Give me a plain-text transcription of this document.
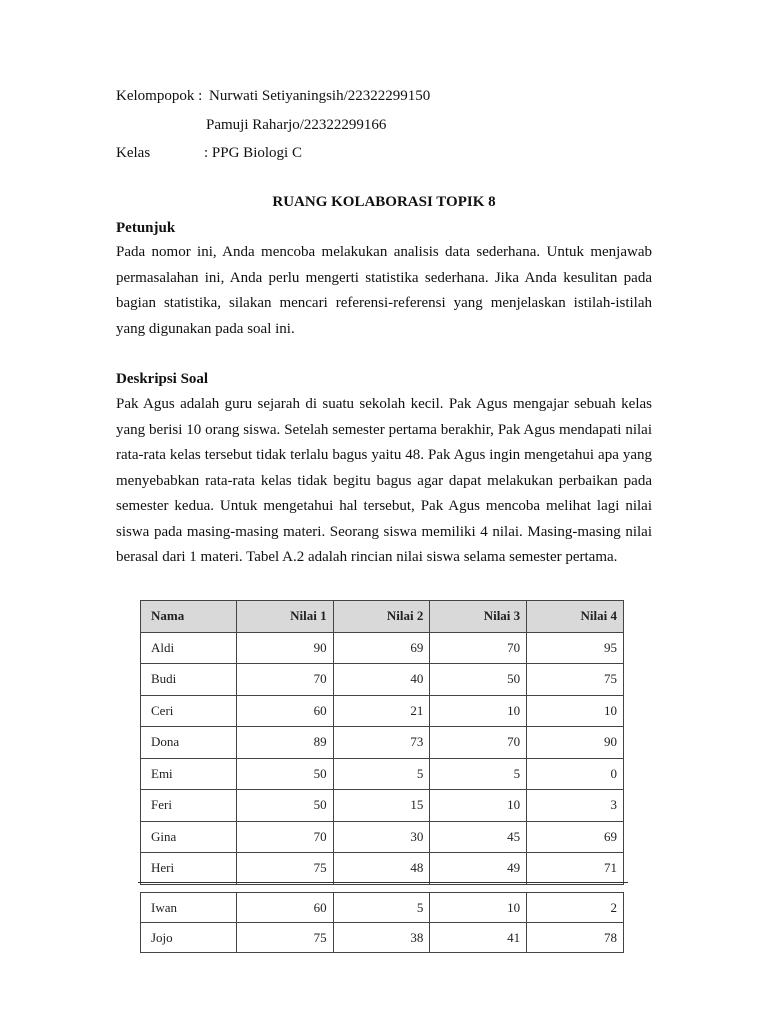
Kelompopok : Nurwati Setiyaningsih/22322299150
Pamuji Raharjo/22322299166
Kelas	: PPG Biologi C
RUANG KOLABORASI TOPIK 8
Petunjuk

Pada nomor ini, Anda mencoba melakukan analisis data sederhana. Untuk menjawab permasalahan ini, Anda perlu mengerti statistika sederhana. Jika Anda kesulitan pada bagian statistika, silakan mencari referensi-referensi yang menjelaskan istilah-istilah yang digunakan pada soal ini.

Deskripsi Soal

Pak Agus adalah guru sejarah di suatu sekolah kecil. Pak Agus mengajar sebuah kelas yang berisi 10 orang siswa. Setelah semester pertama berakhir, Pak Agus mendapati nilai rata-rata kelas tersebut tidak terlalu bagus yaitu 48. Pak Agus ingin mengetahui apa yang menyebabkan rata-rata kelas tidak begitu bagus agar dapat melakukan perbaikan pada semester kedua. Untuk mengetahui hal tersebut, Pak Agus mencoba melihat lagi nilai siswa pada masing-masing materi. Seorang siswa memiliki 4 nilai. Masing-masing nilai berasal dari 1 materi. Tabel A.2 adalah rincian nilai siswa selama semester pertama.

Nama	Nilai 1	Nilai 2	Nilai 3	Nilai 4
Aldi	90	69	70	95
Budi	70	40	50	75
Ceri	60	21	10	10
Dona	89	73	70	90
Emi	50	5	5	0
Feri	50	15	10	3
Gina	70	30	45	69
Heri	75	48	49	71
Iwan	60	5	10	2
Jojo	75	38	41	78
